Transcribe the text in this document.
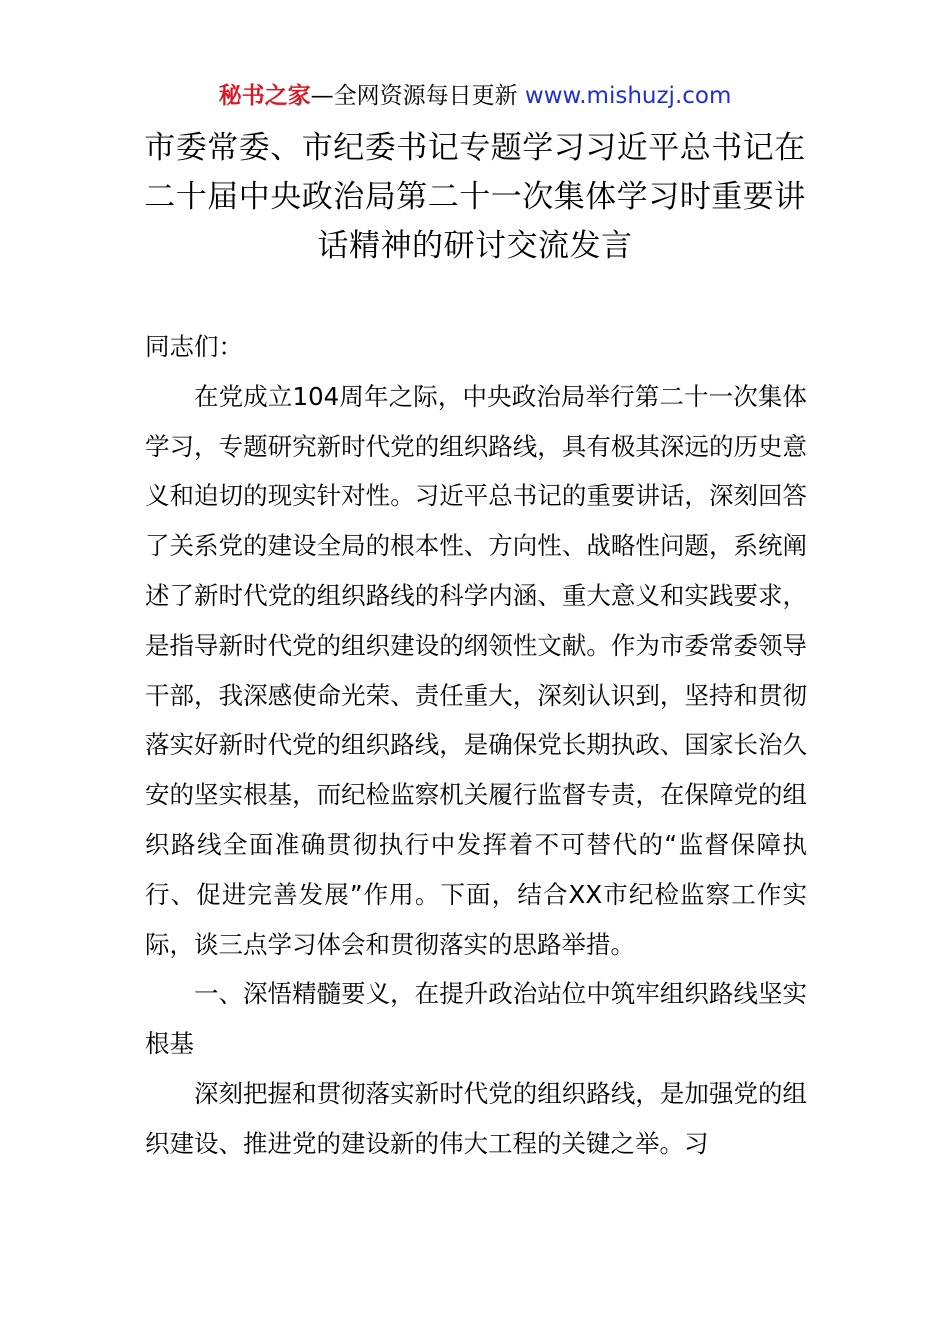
秘书之家—全网资源每日更新 www.mishuzj.com
市委常委、市纪委书记专题学习习近平总书记在二十届中央政治局第二十一次集体学习时重要讲话精神的研讨交流发言

同志们：

在党成立104周年之际，中央政治局举行第二十一次集体学习，专题研究新时代党的组织路线，具有极其深远的历史意义和迫切的现实针对性。习近平总书记的重要讲话，深刻回答了关系党的建设全局的根本性、方向性、战略性问题，系统阐述了新时代党的组织路线的科学内涵、重大意义和实践要求，是指导新时代党的组织建设的纲领性文献。作为市委常委领导干部，我深感使命光荣、责任重大，深刻认识到，坚持和贯彻落实好新时代党的组织路线，是确保党长期执政、国家长治久安的坚实根基，而纪检监察机关履行监督专责，在保障党的组织路线全面准确贯彻执行中发挥着不可替代的“监督保障执行、促进完善发展”作用。下面，结合XX市纪检监察工作实际，谈三点学习体会和贯彻落实的思路举措。

一、深悟精髓要义，在提升政治站位中筑牢组织路线坚实根基

深刻把握和贯彻落实新时代党的组织路线，是加强党的组织建设、推进党的建设新的伟大工程的关键之举。习
